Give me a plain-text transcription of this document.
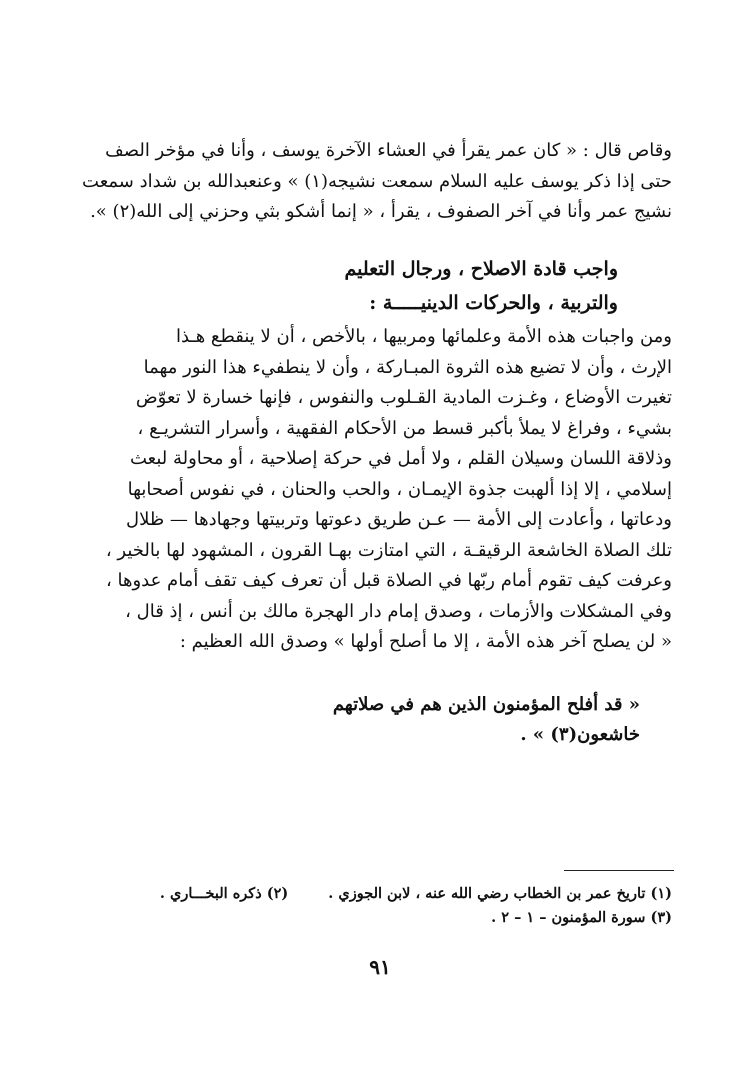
وقاص قال : « كان عمر يقرأ في العشاء الآخرة يوسف ، وأنا في مؤخر الصف
حتى إذا ذكر يوسف عليه السلام سمعت نشيجه(١) » وعنعبدالله بن شداد سمعت
نشيج عمر وأنا في آخر الصفوف ، يقرأ ، « إنما أشكو بثي وحزني إلى الله(٢) ».
واجب قادة الاصلاح ، ورجال التعليم
والتربية ، والحركات الدينيـــــة :
ومن واجبات هذه الأمة وعلمائها ومربيها ، بالأخص ، أن لا ينقطع هـذا
الإرث ، وأن لا تضيع هذه الثروة المبـاركة ، وأن لا ينطفيء هذا النور مهما
تغيرت الأوضاع ، وغـزت المادية القـلوب والنفوس ، فإنها خسارة لا تعوّض
بشيء ، وفراغ لا يملأ بأكبر قسط من الأحكام الفقهية ، وأسرار التشريـع ،
وذلاقة اللسان وسيلان القلم ، ولا أمل في حركة إصلاحية ، أو محاولة لبعث
إسلامي ، إلا إذا ألهبت جذوة الإيمـان ، والحب والحنان ، في نفوس أصحابها
ودعاتها ، وأعادت إلى الأمة — عـن طريق دعوتها وتربيتها وجهادها — ظلال
تلك الصلاة الخاشعة الرقيقـة ، التي امتازت بهـا القرون ، المشهود لها بالخير ،
وعرفت كيف تقوم أمام ربّها في الصلاة قبل أن تعرف كيف تقف أمام عدوها ،
وفي المشكلات والأزمات ، وصدق إمام دار الهجرة مالك بن أنس ، إذ قال ،
« لن يصلح آخر هذه الأمة ، إلا ما أصلح أولها » وصدق الله العظيم :
« قد أفلح المؤمنون الذين هم في صلاتهم خاشعون(٣) » .
(١) تاريخ عمر بن الخطاب رضي الله عنه ، لابن الجوزي .
(٢) ذكره البخـــاري .
(٣) سورة المؤمنون – ١ – ٢ .
٩١
